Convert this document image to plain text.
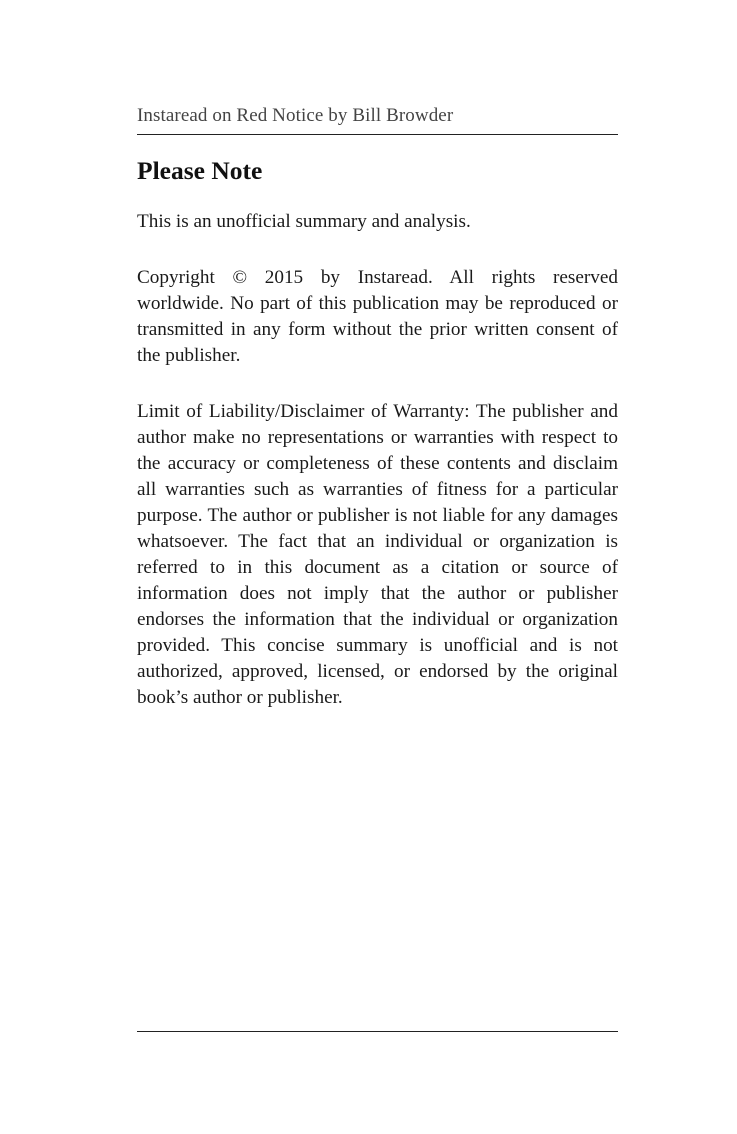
Instaread on Red Notice by Bill Browder
Please Note

This is an unofficial summary and analysis.

Copyright © 2015 by Instaread. All rights reserved worldwide. No part of this publication may be reproduced or transmitted in any form without the prior written consent of the publisher.

Limit of Liability/Disclaimer of Warranty: The publisher and author make no representations or warranties with respect to the accuracy or completeness of these contents and disclaim all warranties such as warranties of fitness for a particular purpose. The author or publisher is not liable for any damages whatsoever. The fact that an individual or organization is referred to in this document as a citation or source of information does not imply that the author or publisher endorses the information that the individual or organization provided. This concise summary is unofficial and is not authorized, approved, licensed, or endorsed by the original book’s author or publisher.
